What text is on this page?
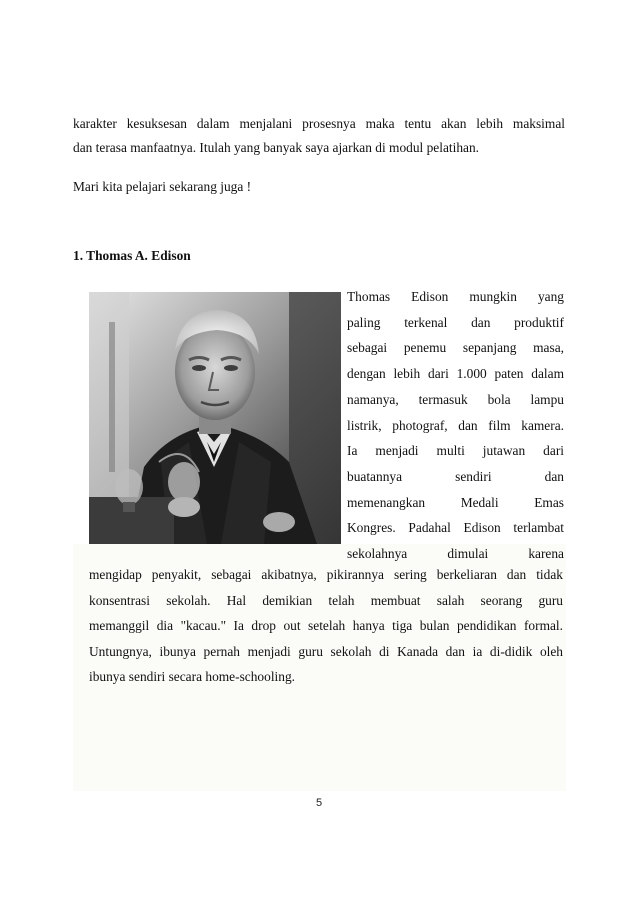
karakter kesuksesan dalam menjalani prosesnya maka tentu akan lebih maksimal
dan terasa manfaatnya. Itulah yang banyak saya ajarkan di modul pelatihan.
Mari kita pelajari sekarang juga !

1. Thomas A. Edison

Thomas Edison mungkin yang
paling terkenal dan produktif
sebagai penemu sepanjang masa,
dengan lebih dari 1.000 paten dalam
namanya, termasuk bola lampu
listrik, photograf, dan film kamera.
Ia menjadi multi jutawan dari
buatannya sendiri dan
memenangkan Medali Emas
Kongres. Padahal Edison terlambat
sekolahnya dimulai karena
mengidap penyakit, sebagai akibatnya, pikirannya sering berkeliaran dan tidak
konsentrasi sekolah. Hal demikian telah membuat salah seorang guru
memanggil dia "kacau." Ia drop out setelah hanya tiga bulan pendidikan formal.
Untungnya, ibunya pernah menjadi guru sekolah di Kanada dan ia di-didik oleh
ibunya sendiri secara home-schooling.
5
